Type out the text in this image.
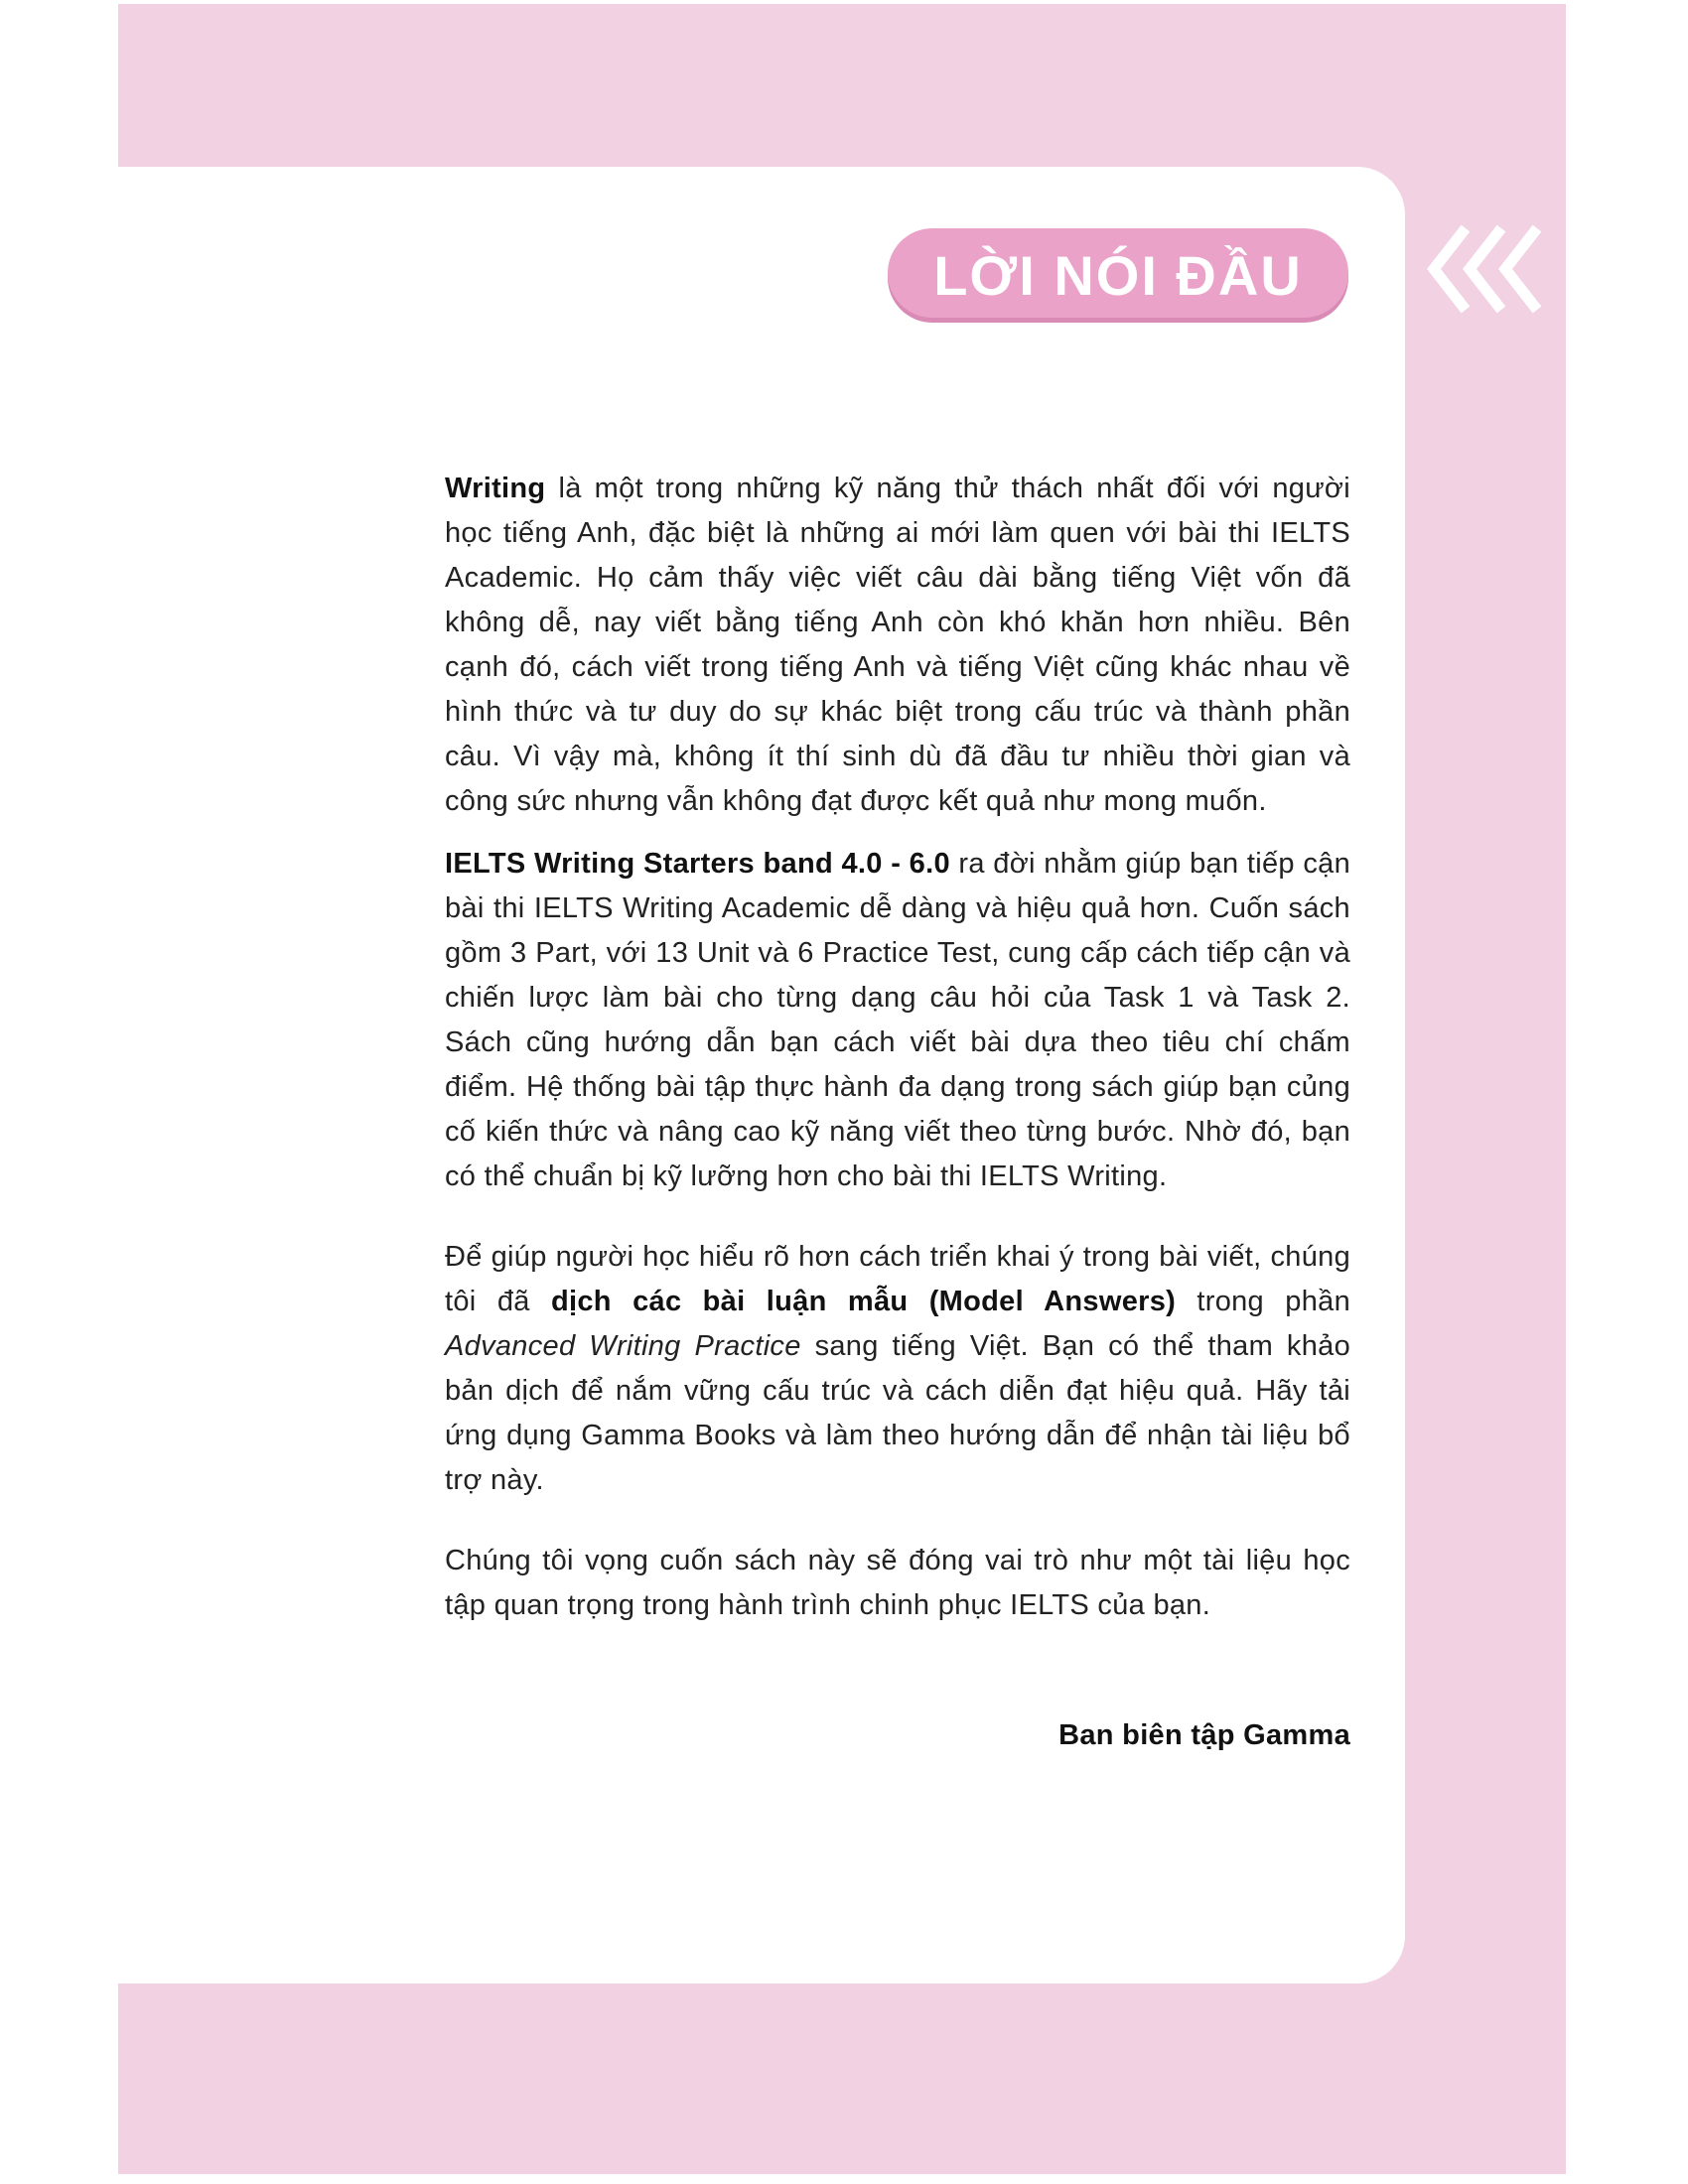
LỜI NÓI ĐẦU

Writing là một trong những kỹ năng thử thách nhất đối với người học tiếng Anh, đặc biệt là những ai mới làm quen với bài thi IELTS Academic. Họ cảm thấy việc viết câu dài bằng tiếng Việt vốn đã không dễ, nay viết bằng tiếng Anh còn khó khăn hơn nhiều. Bên cạnh đó, cách viết trong tiếng Anh và tiếng Việt cũng khác nhau về hình thức và tư duy do sự khác biệt trong cấu trúc và thành phần câu. Vì vậy mà, không ít thí sinh dù đã đầu tư nhiều thời gian và công sức nhưng vẫn không đạt được kết quả như mong muốn.

IELTS Writing Starters band 4.0 - 6.0 ra đời nhằm giúp bạn tiếp cận bài thi IELTS Writing Academic dễ dàng và hiệu quả hơn. Cuốn sách gồm 3 Part, với 13 Unit và 6 Practice Test, cung cấp cách tiếp cận và chiến lược làm bài cho từng dạng câu hỏi của Task 1 và Task 2. Sách cũng hướng dẫn bạn cách viết bài dựa theo tiêu chí chấm điểm. Hệ thống bài tập thực hành đa dạng trong sách giúp bạn củng cố kiến thức và nâng cao kỹ năng viết theo từng bước. Nhờ đó, bạn có thể chuẩn bị kỹ lưỡng hơn cho bài thi IELTS Writing.

Để giúp người học hiểu rõ hơn cách triển khai ý trong bài viết, chúng tôi đã dịch các bài luận mẫu (Model Answers) trong phần Advanced Writing Practice sang tiếng Việt. Bạn có thể tham khảo bản dịch để nắm vững cấu trúc và cách diễn đạt hiệu quả. Hãy tải ứng dụng Gamma Books và làm theo hướng dẫn để nhận tài liệu bổ trợ này.

Chúng tôi vọng cuốn sách này sẽ đóng vai trò như một tài liệu học tập quan trọng trong hành trình chinh phục IELTS của bạn.

Ban biên tập Gamma
